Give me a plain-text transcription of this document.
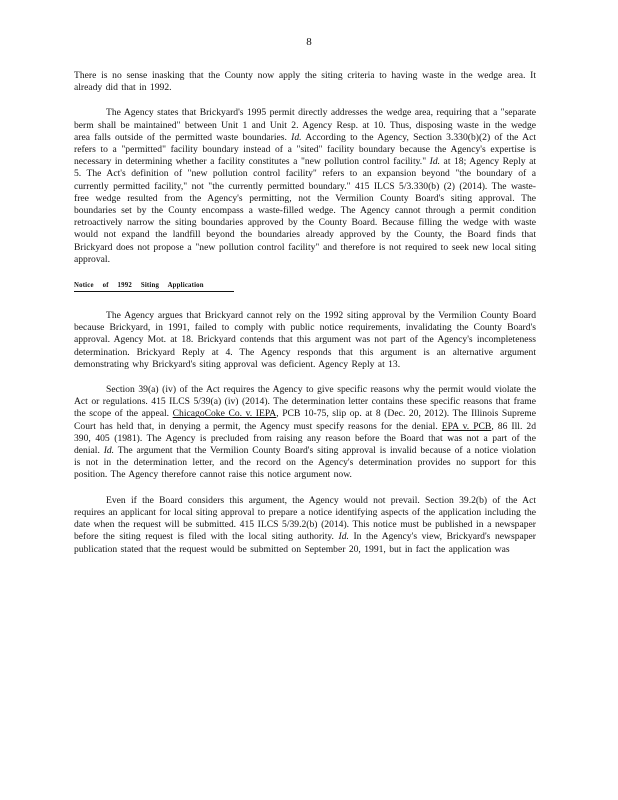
8

There is no sense inasking that the County now apply the siting criteria to having waste in the wedge area. It already did that in 1992.

The Agency states that Brickyard's 1995 permit directly addresses the wedge area, requiring that a "separate berm shall be maintained" between Unit 1 and Unit 2. Agency Resp. at 10. Thus, disposing waste in the wedge area falls outside of the permitted waste boundaries. Id. According to the Agency, Section 3.330(b)(2) of the Act refers to a "permitted" facility boundary instead of a "sited" facility boundary because the Agency's expertise is necessary in determining whether a facility constitutes a "new pollution control facility." Id. at 18; Agency Reply at 5. The Act's definition of "new pollution control facility" refers to an expansion beyond "the boundary of a currently permitted facility," not "the currently permitted boundary." 415 ILCS 5/3.330(b) (2) (2014). The waste-free wedge resulted from the Agency's permitting, not the Vermilion County Board's siting approval. The boundaries set by the County encompass a waste-filled wedge. The Agency cannot through a permit condition retroactively narrow the siting boundaries approved by the County Board. Because filling the wedge with waste would not expand the landfill beyond the boundaries already approved by the County, the Board finds that Brickyard does not propose a "new pollution control facility" and therefore is not required to seek new local siting approval.

Notice of 1992 Siting Application

The Agency argues that Brickyard cannot rely on the 1992 siting approval by the Vermilion County Board because Brickyard, in 1991, failed to comply with public notice requirements, invalidating the County Board's approval. Agency Mot. at 18. Brickyard contends that this argument was not part of the Agency's incompleteness determination. Brickyard Reply at 4. The Agency responds that this argument is an alternative argument demonstrating why Brickyard's siting approval was deficient. Agency Reply at 13.

Section 39(a) (iv) of the Act requires the Agency to give specific reasons why the permit would violate the Act or regulations. 415 ILCS 5/39(a) (iv) (2014). The determination letter contains these specific reasons that frame the scope of the appeal. ChicagoCoke Co. v. IEPA, PCB 10-75, slip op. at 8 (Dec. 20, 2012). The Illinois Supreme Court has held that, in denying a permit, the Agency must specify reasons for the denial. EPA v. PCB, 86 Ill. 2d 390, 405 (1981). The Agency is precluded from raising any reason before the Board that was not a part of the denial. Id. The argument that the Vermilion County Board's siting approval is invalid because of a notice violation is not in the determination letter, and the record on the Agency's determination provides no support for this position. The Agency therefore cannot raise this notice argument now.

Even if the Board considers this argument, the Agency would not prevail. Section 39.2(b) of the Act requires an applicant for local siting approval to prepare a notice identifying aspects of the application including the date when the request will be submitted. 415 ILCS 5/39.2(b) (2014). This notice must be published in a newspaper before the siting request is filed with the local siting authority. Id. In the Agency's view, Brickyard's newspaper publication stated that the request would be submitted on September 20, 1991, but in fact the application was
